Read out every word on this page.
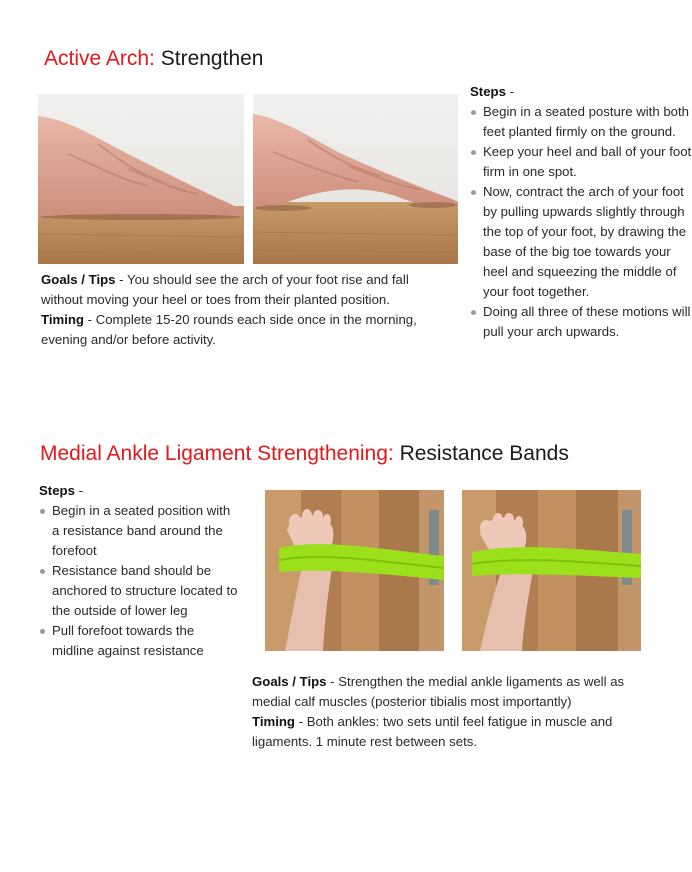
Active Arch: Strengthen

Steps -

Begin in a seated posture with both feet planted firmly on the ground.
Keep your heel and ball of your foot firm in one spot.
Now, contract the arch of your foot by pulling upwards slightly through the top of your foot, by drawing the base of the big toe towards your heel and squeezing the middle of your foot together.
Doing all three of these motions will pull your arch upwards.

Goals / Tips - You should see the arch of your foot rise and fall without moving your heel or toes from their planted position.

Timing - Complete 15-20 rounds each side once in the morning, evening and/or before activity.

Medial Ankle Ligament Strengthening: Resistance Bands

Steps -

Begin in a seated position with a resistance band around the forefoot
Resistance band should be anchored to structure located to the outside of lower leg
Pull forefoot towards the midline against resistance

Goals / Tips - Strengthen the medial ankle ligaments as well as medial calf muscles (posterior tibialis most importantly)

Timing - Both ankles: two sets until feel fatigue in muscle and ligaments. 1 minute rest between sets.
